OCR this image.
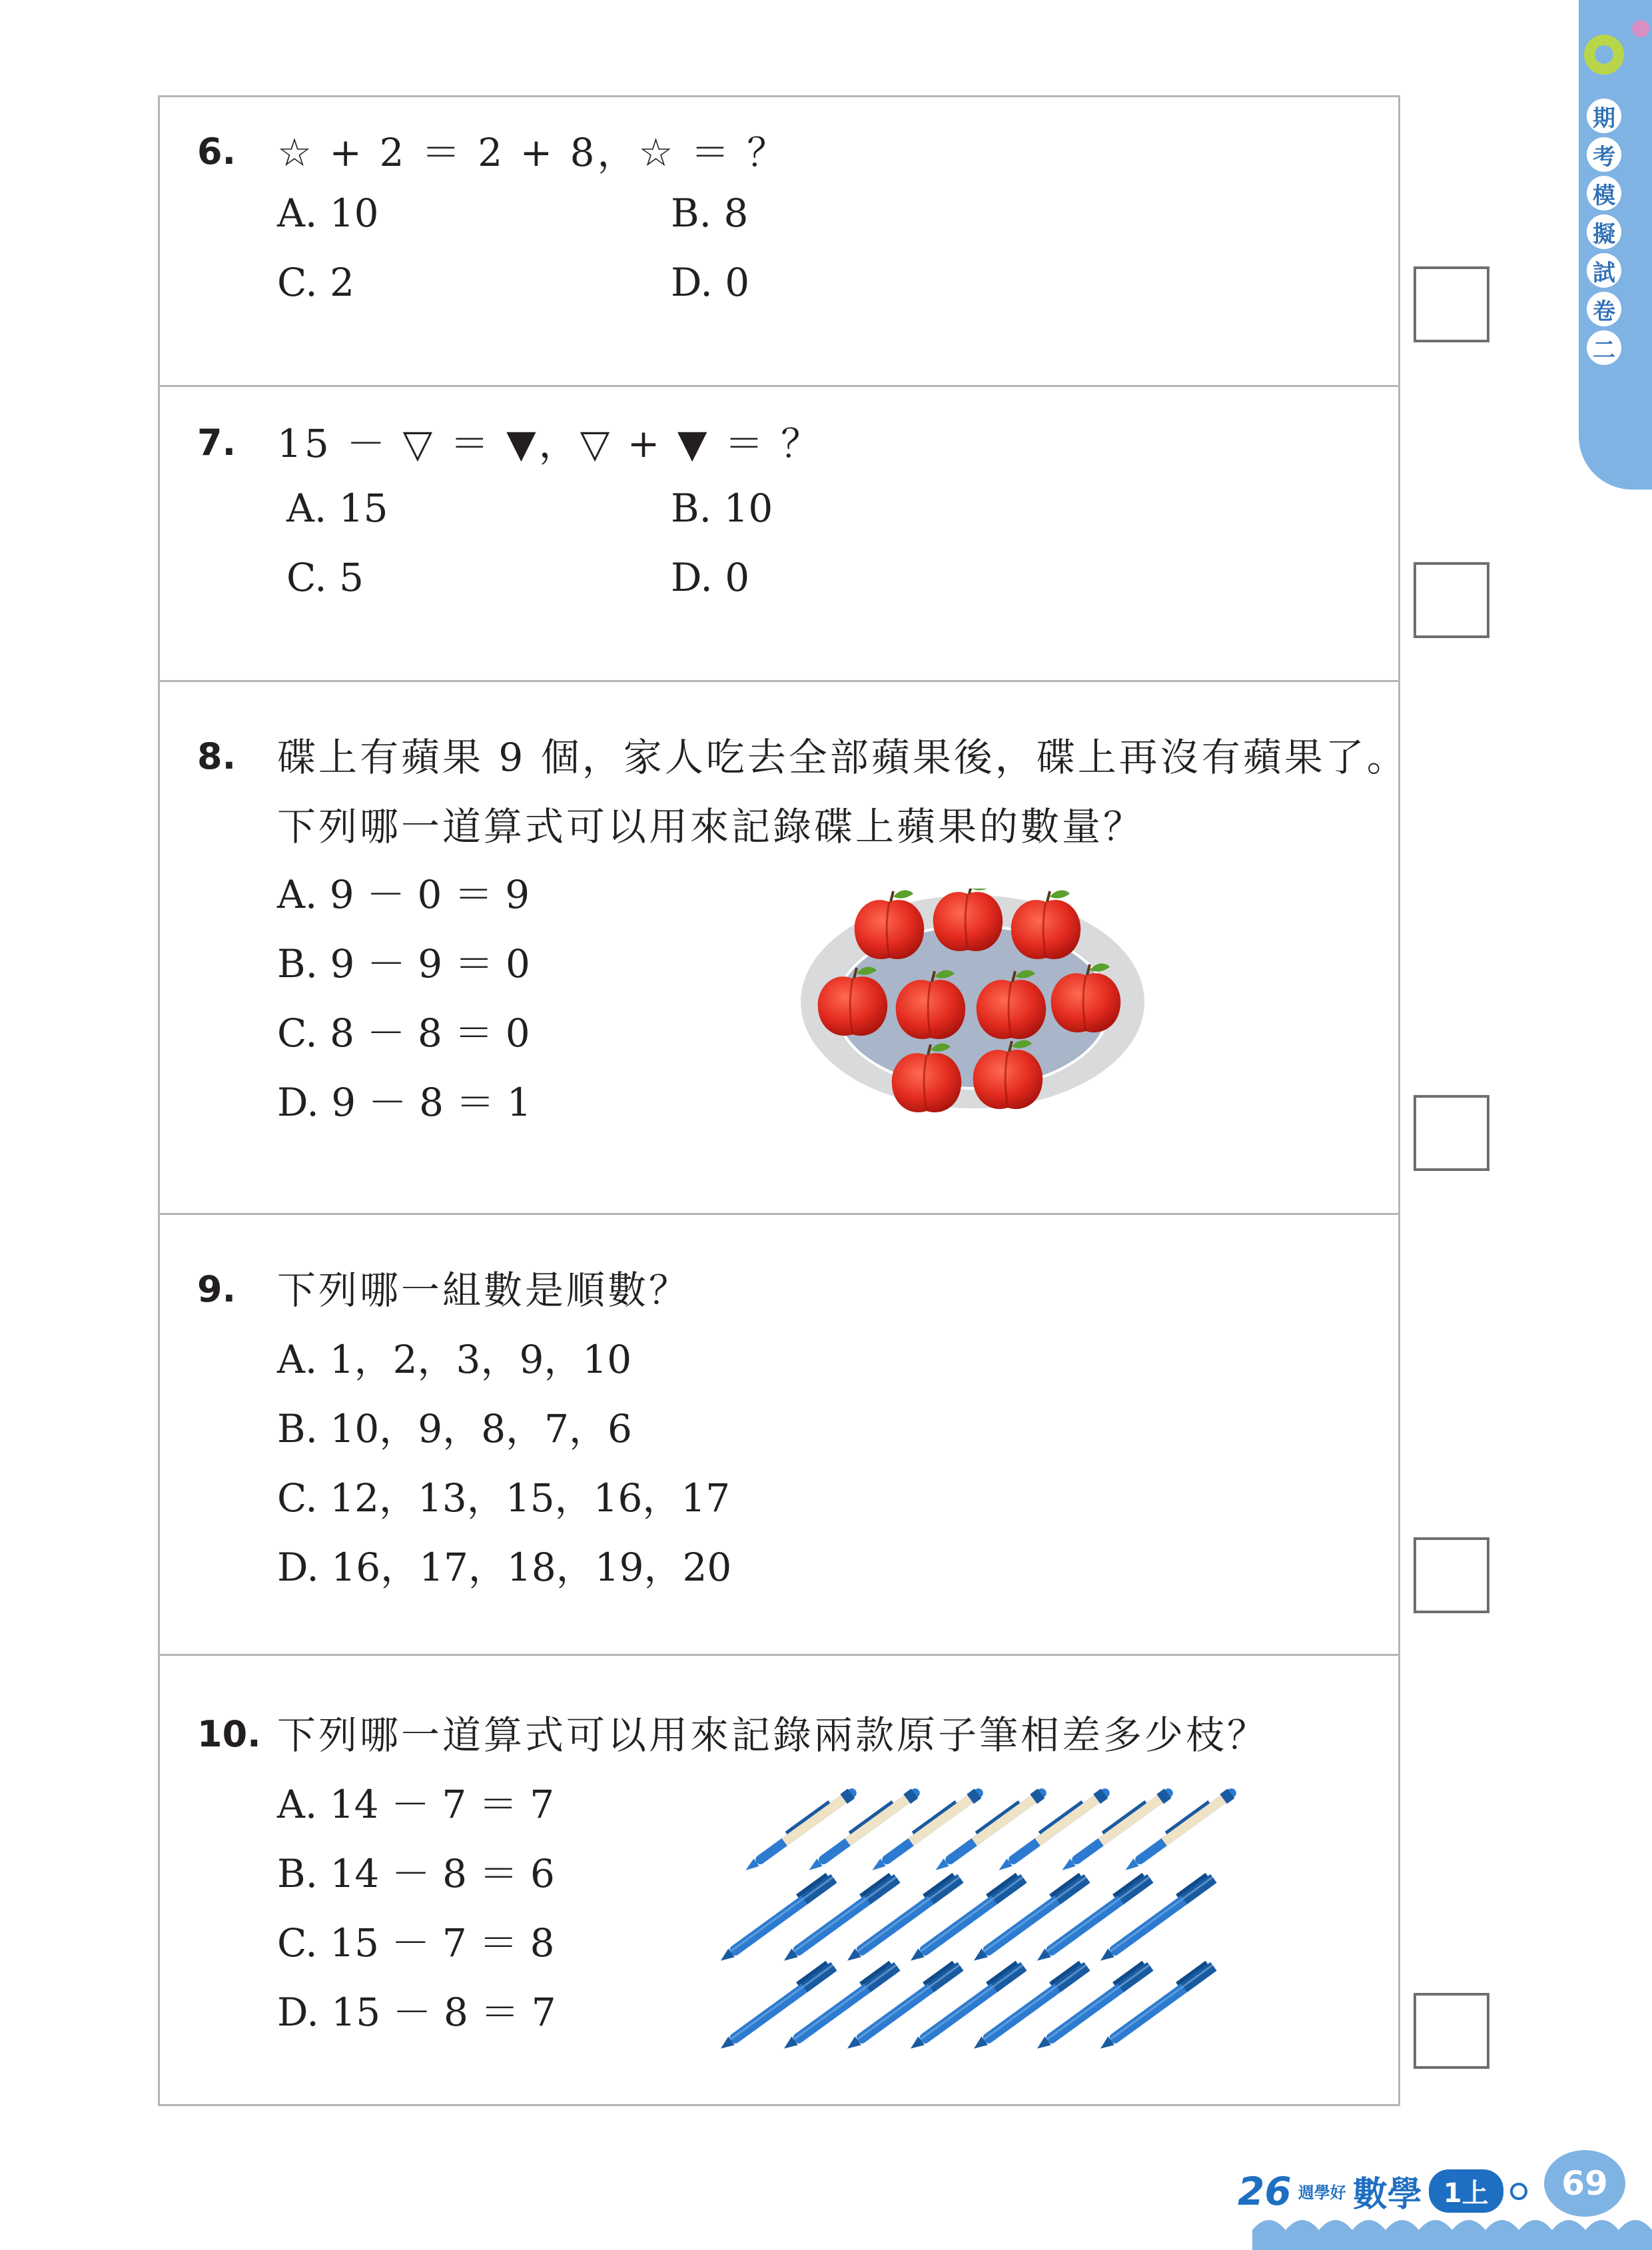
期
考
模
擬
試
卷
二
6. ☆ + 2 ＝ 2 + 8，☆ ＝ ？
A. 10	B. 8
C. 2	D. 0
7. 15 － ▽ ＝ ▼，▽ + ▼ ＝ ？
A. 15	B. 10
C. 5	D. 0
8. 碟上有蘋果 9 個，家人吃去全部蘋果後，碟上再沒有蘋果了。
下列哪一道算式可以用來記錄碟上蘋果的數量？
A. 9 － 0 ＝ 9
B. 9 － 9 ＝ 0
C. 8 － 8 ＝ 0
D. 9 － 8 ＝ 1
9. 下列哪一組數是順數？
A. 1，2，3，9，10
B. 10，9，8，7，6
C. 12，13，15，16，17
D. 16，17，18，19，20
10. 下列哪一道算式可以用來記錄兩款原子筆相差多少枝？
A. 14 － 7 ＝ 7
B. 14 － 8 ＝ 6
C. 15 － 7 ＝ 8
D. 15 － 8 ＝ 7
26 週學好 數學 1上	69
